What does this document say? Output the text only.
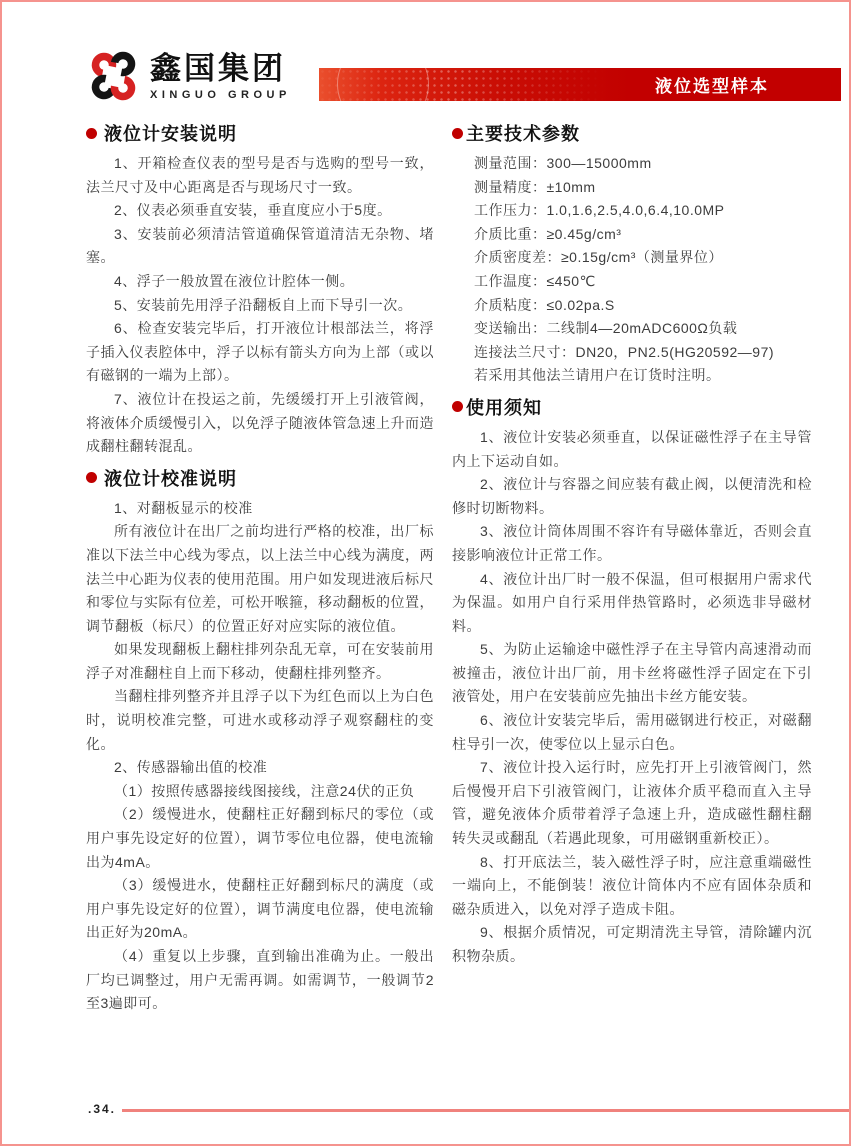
鑫国集团
XINGUO GROUP	液位选型样本
液位计安装说明

1、开箱检查仪表的型号是否与选购的型号一致，法兰尺寸及中心距离是否与现场尺寸一致。

2、仪表必须垂直安装，垂直度应小于5度。

3、安装前必须清洁管道确保管道清洁无杂物、堵塞。

4、浮子一般放置在液位计腔体一侧。

5、安装前先用浮子沿翻板自上而下导引一次。

6、检查安装完毕后，打开液位计根部法兰，将浮子插入仪表腔体中，浮子以标有箭头方向为上部（或以有磁钢的一端为上部）。

7、液位计在投运之前，先缓缓打开上引液管阀，将液体介质缓慢引入，以免浮子随液体管急速上升而造成翻柱翻转混乱。

液位计校准说明

1、对翻板显示的校准

所有液位计在出厂之前均进行严格的校准，出厂标准以下法兰中心线为零点，以上法兰中心线为满度，两法兰中心距为仪表的使用范围。用户如发现进液后标尺和零位与实际有位差，可松开喉箍，移动翻板的位置，调节翻板（标尺）的位置正好对应实际的液位值。

如果发现翻板上翻柱排列杂乱无章，可在安装前用浮子对准翻柱自上而下移动，使翻柱排列整齐。

当翻柱排列整齐并且浮子以下为红色而以上为白色时，说明校准完整，可进水或移动浮子观察翻柱的变化。

2、传感器输出值的校准

（1）按照传感器接线图接线，注意24伏的正负

（2）缓慢进水，使翻柱正好翻到标尺的零位（或用户事先设定好的位置），调节零位电位器，使电流输出为4mA。

（3）缓慢进水，使翻柱正好翻到标尺的满度（或用户事先设定好的位置），调节满度电位器，使电流输出正好为20mA。

（4）重复以上步骤，直到输出准确为止。一般出厂均已调整过，用户无需再调。如需调节，一般调节2至3遍即可。

主要技术参数

测量范围：300—15000mm

测量精度：±10mm

工作压力：1.0,1.6,2.5,4.0,6.4,10.0MP

介质比重：≥0.45g/cm³

介质密度差：≥0.15g/cm³（测量界位）

工作温度：≤450℃

介质粘度：≤0.02pa.S

变送输出：二线制4—20mADC600Ω负载

连接法兰尺寸：DN20，PN2.5(HG20592—97)

若采用其他法兰请用户在订货时注明。

使用须知

1、液位计安装必须垂直，以保证磁性浮子在主导管内上下运动自如。

2、液位计与容器之间应装有截止阀，以便清洗和检修时切断物料。

3、液位计筒体周围不容许有导磁体靠近，否则会直接影响液位计正常工作。

4、液位计出厂时一般不保温，但可根据用户需求代为保温。如用户自行采用伴热管路时，必须选非导磁材料。

5、为防止运输途中磁性浮子在主导管内高速滑动而被撞击，液位计出厂前，用卡丝将磁性浮子固定在下引液管处，用户在安装前应先抽出卡丝方能安装。

6、液位计安装完毕后，需用磁钢进行校正，对磁翻柱导引一次，使零位以上显示白色。

7、液位计投入运行时，应先打开上引液管阀门，然后慢慢开启下引液管阀门，让液体介质平稳而直入主导管，避免液体介质带着浮子急速上升，造成磁性翻柱翻转失灵或翻乱（若遇此现象，可用磁钢重新校正）。

8、打开底法兰，装入磁性浮子时，应注意重端磁性一端向上，不能倒装！液位计筒体内不应有固体杂质和磁杂质进入，以免对浮子造成卡阻。

9、根据介质情况，可定期清洗主导管，清除罐内沉积物杂质。

.34.
